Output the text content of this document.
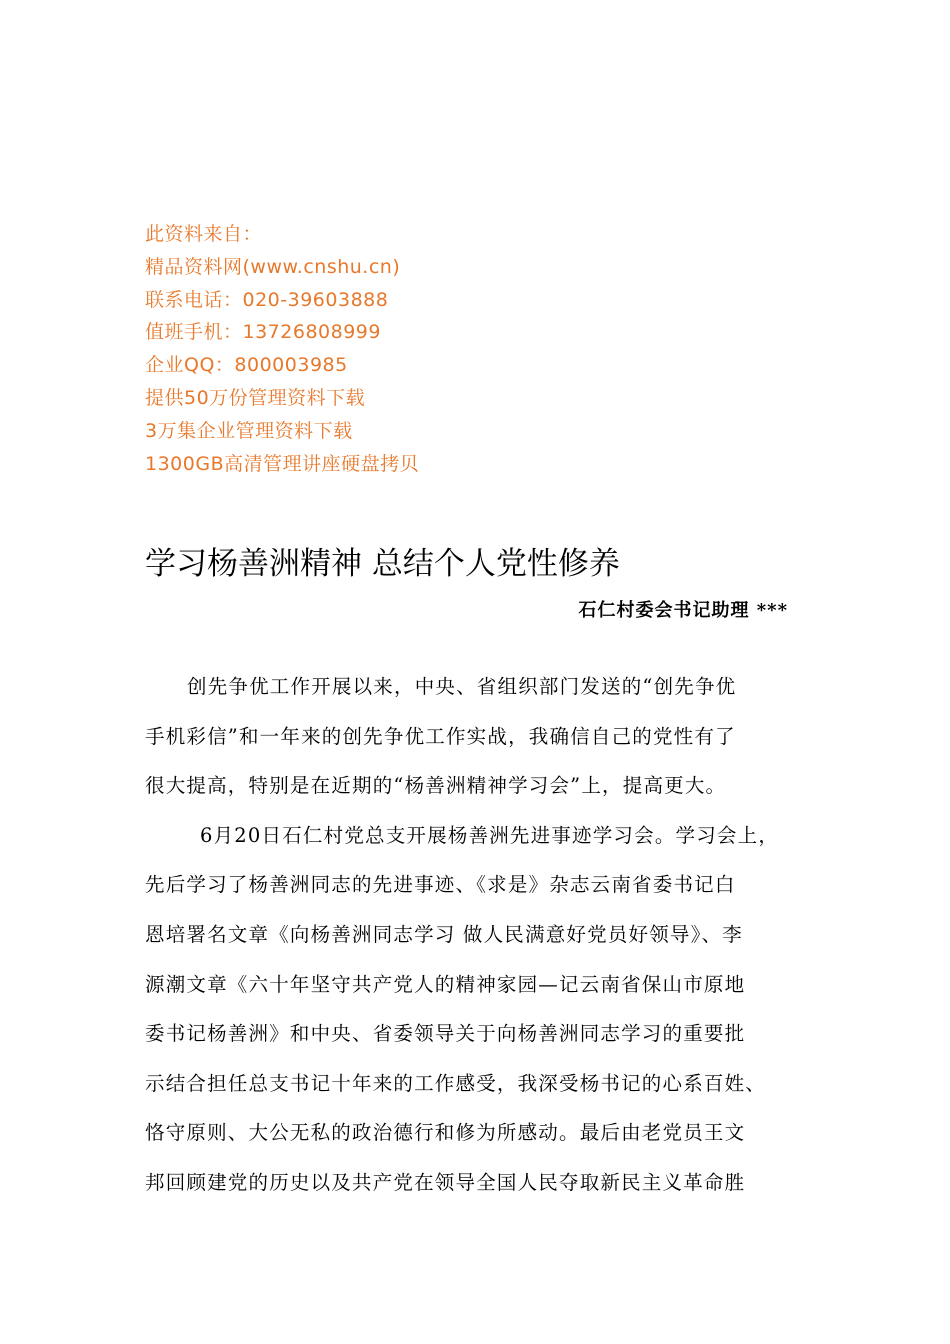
此资料来自：
精品资料网(www.cnshu.cn)
联系电话：020-39603888
值班手机：13726808999
企业QQ：800003985
提供50万份管理资料下载
3万集企业管理资料下载
1300GB高清管理讲座硬盘拷贝
学习杨善洲精神 总结个人党性修养
石仁村委会书记助理 ***
创先争优工作开展以来，中央、省组织部门发送的“创先争优
手机彩信”和一年来的创先争优工作实战，我确信自己的党性有了
很大提高，特别是在近期的“杨善洲精神学习会”上，提高更大。
6月20日石仁村党总支开展杨善洲先进事迹学习会。学习会上，
先后学习了杨善洲同志的先进事迹、《求是》杂志云南省委书记白
恩培署名文章《向杨善洲同志学习 做人民满意好党员好领导》、李
源潮文章《六十年坚守共产党人的精神家园—记云南省保山市原地
委书记杨善洲》和中央、省委领导关于向杨善洲同志学习的重要批
示结合担任总支书记十年来的工作感受，我深受杨书记的心系百姓、
恪守原则、大公无私的政治德行和修为所感动。最后由老党员王文
邦回顾建党的历史以及共产党在领导全国人民夺取新民主义革命胜
